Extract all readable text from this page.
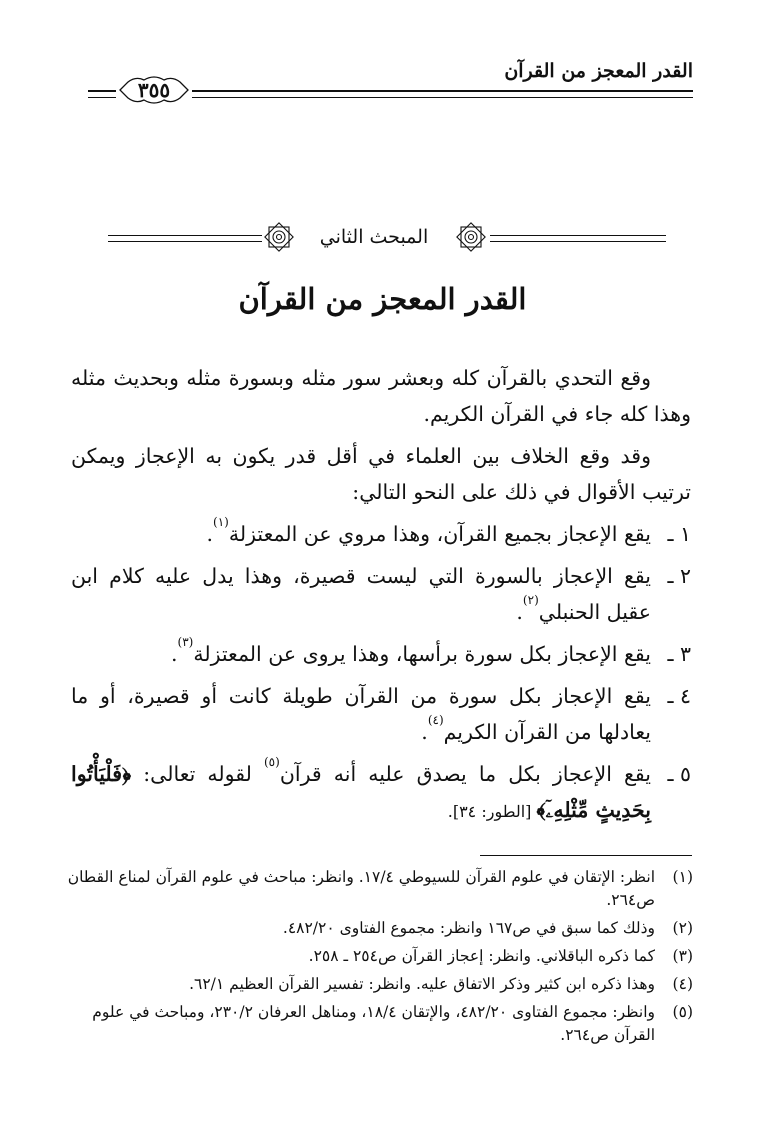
القدر المعجز من القرآن
٣٥٥
المبحث الثاني
القدر المعجز من القرآن

وقع التحدي بالقرآن كله وبعشر سور مثله وبسورة مثله وبحديث مثله وهذا كله جاء في القرآن الكريم.

وقد وقع الخلاف بين العلماء في أقل قدر يكون به الإعجاز ويمكن ترتيب الأقوال في ذلك على النحو التالي:

١ ـ
يقع الإعجاز بجميع القرآن، وهذا مروي عن المعتزلة$^{(١)}$.
٢ ـ
يقع الإعجاز بالسورة التي ليست قصيرة، وهذا يدل عليه كلام ابن عقيل الحنبلي$^{(٢)}$.
٣ ـ
يقع الإعجاز بكل سورة برأسها، وهذا يروى عن المعتزلة$^{(٣)}$.
٤ ـ
يقع الإعجاز بكل سورة من القرآن طويلة كانت أو قصيرة، أو ما يعادلها من القرآن الكريم$^{(٤)}$.
٥ ـ
يقع الإعجاز بكل ما يصدق عليه أنه قرآن$^{(٥)}$ لقوله تعالى: ﴿فَلْيَأْتُوا بِحَدِيثٍ مِّثْلِهِۦٓ﴾ [الطور: ٣٤].
(١)
انظر: الإتقان في علوم القرآن للسيوطي ١٧/٤. وانظر: مباحث في علوم القرآن لمناع القطان ص٢٦٤.
(٢)
وذلك كما سبق في ص١٦٧ وانظر: مجموع الفتاوى ٤٨٢/٢٠.
(٣)
كما ذكره الباقلاني. وانظر: إعجاز القرآن ص٢٥٤ ـ ٢٥٨.
(٤)
وهذا ذكره ابن كثير وذكر الاتفاق عليه. وانظر: تفسير القرآن العظيم ٦٢/١.
(٥)
وانظر: مجموع الفتاوى ٤٨٢/٢٠، والإتقان ١٨/٤، ومناهل العرفان ٢٣٠/٢، ومباحث في علوم القرآن ص٢٦٤.
